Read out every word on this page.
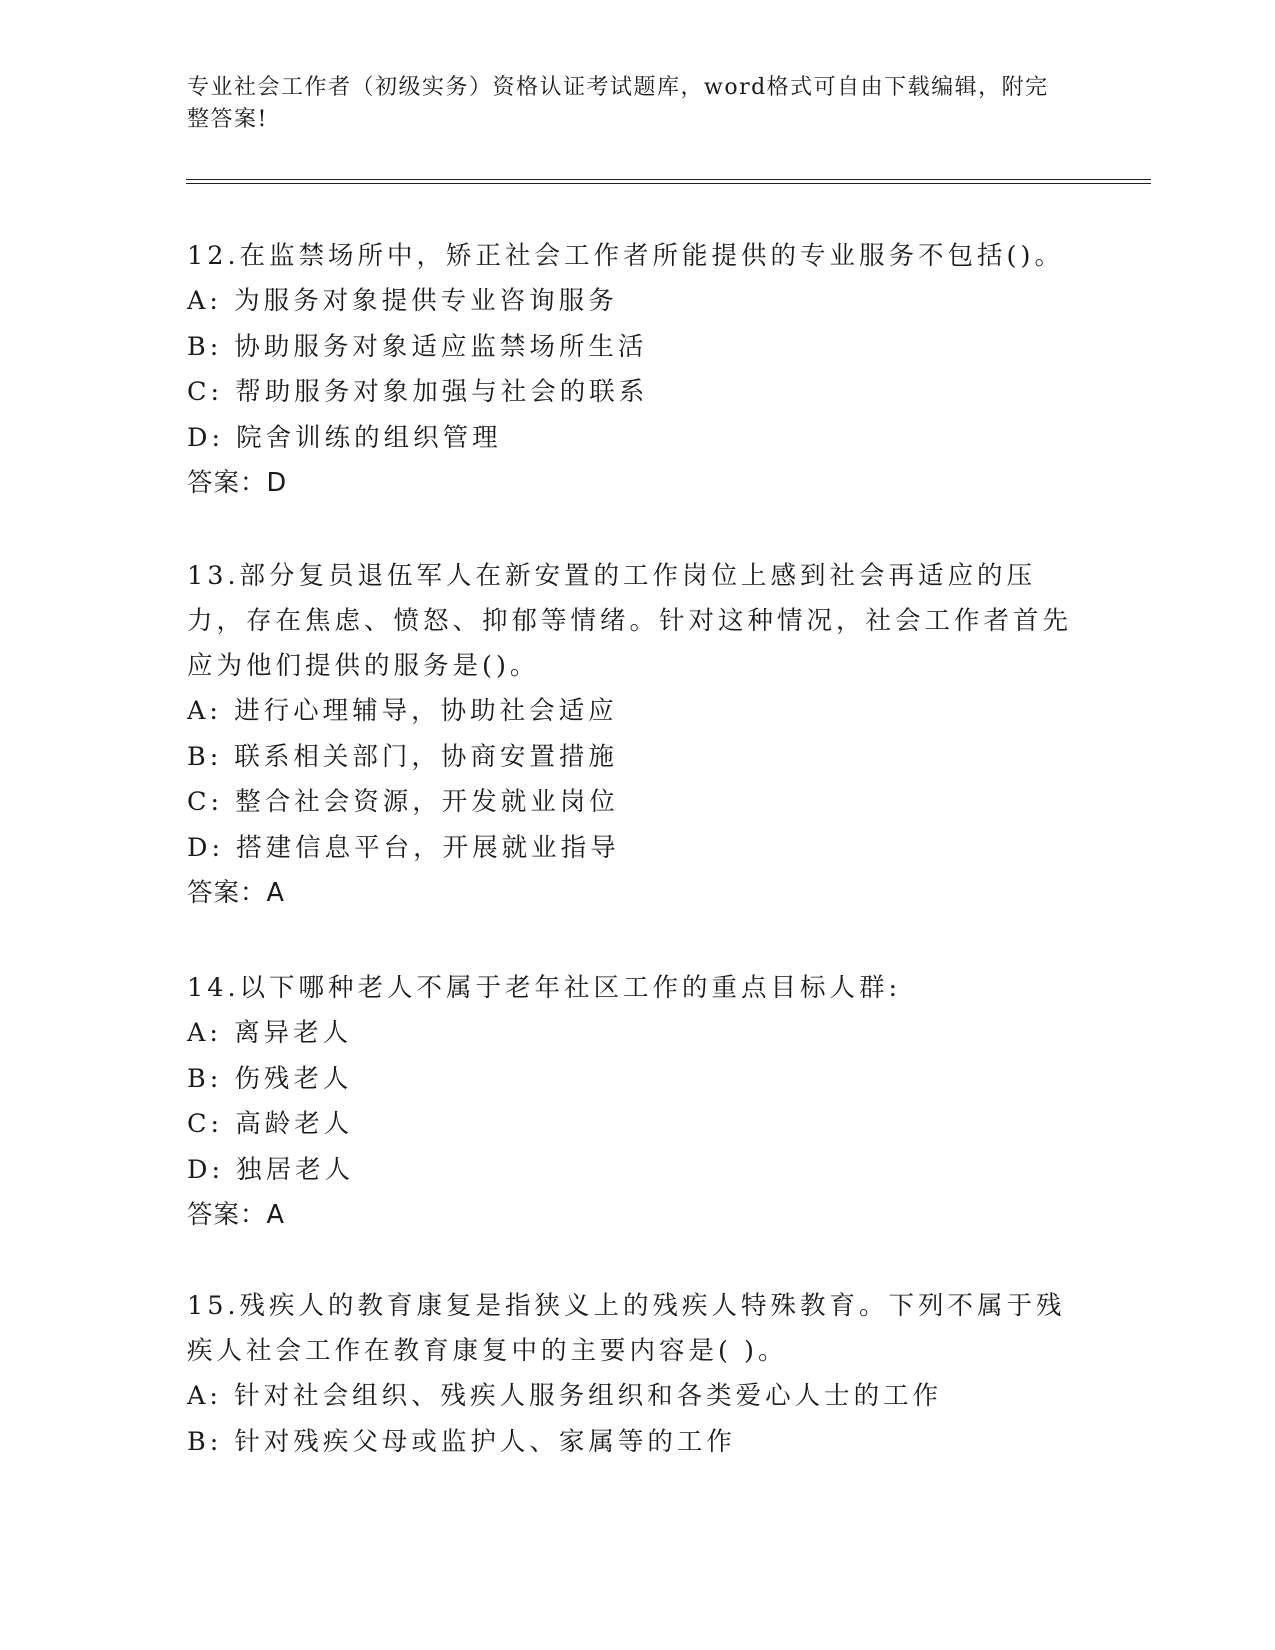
专业社会工作者（初级实务）资格认证考试题库，word格式可自由下载编辑，附完整答案!
12.在监禁场所中，矫正社会工作者所能提供的专业服务不包括()。
A: 为服务对象提供专业咨询服务
B: 协助服务对象适应监禁场所生活
C: 帮助服务对象加强与社会的联系
D: 院舍训练的组织管理
答案：D
13.部分复员退伍军人在新安置的工作岗位上感到社会再适应的压力，存在焦虑、愤怒、抑郁等情绪。针对这种情况，社会工作者首先应为他们提供的服务是()。
A: 进行心理辅导，协助社会适应
B: 联系相关部门，协商安置措施
C: 整合社会资源，开发就业岗位
D: 搭建信息平台，开展就业指导
答案：A
14.以下哪种老人不属于老年社区工作的重点目标人群:
A: 离异老人
B: 伤残老人
C: 高龄老人
D: 独居老人
答案：A
15.残疾人的教育康复是指狭义上的残疾人特殊教育。下列不属于残疾人社会工作在教育康复中的主要内容是( )。
A: 针对社会组织、残疾人服务组织和各类爱心人士的工作
B: 针对残疾父母或监护人、家属等的工作
